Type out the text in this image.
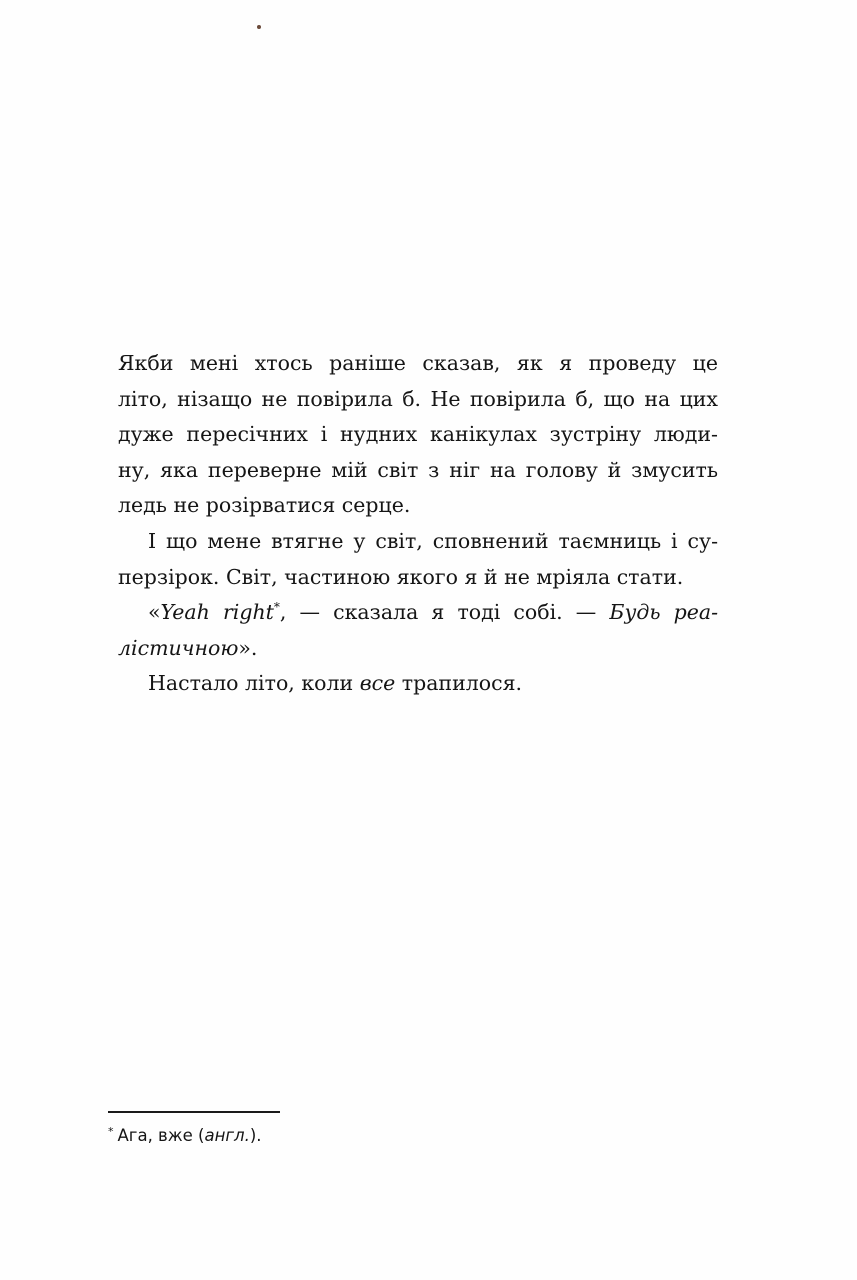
Якби мені хтось раніше сказав, як я проведу це
літо, нізащо не повірила б. Не повірила б, що на цих
дуже пересічних і нудних канікулах зустріну люди-
ну, яка переверне мій світ з ніг на голову й змусить
ледь не розірватися серце.
І що мене втягне у світ, сповнений таємниць і су-
перзірок. Світ, частиною якого я й не мріяла стати.
«Yeah right*, — сказала я тоді собі. — Будь реа-
лістичною».
Настало літо, коли все трапилося.
* Ага, вже (англ.).
